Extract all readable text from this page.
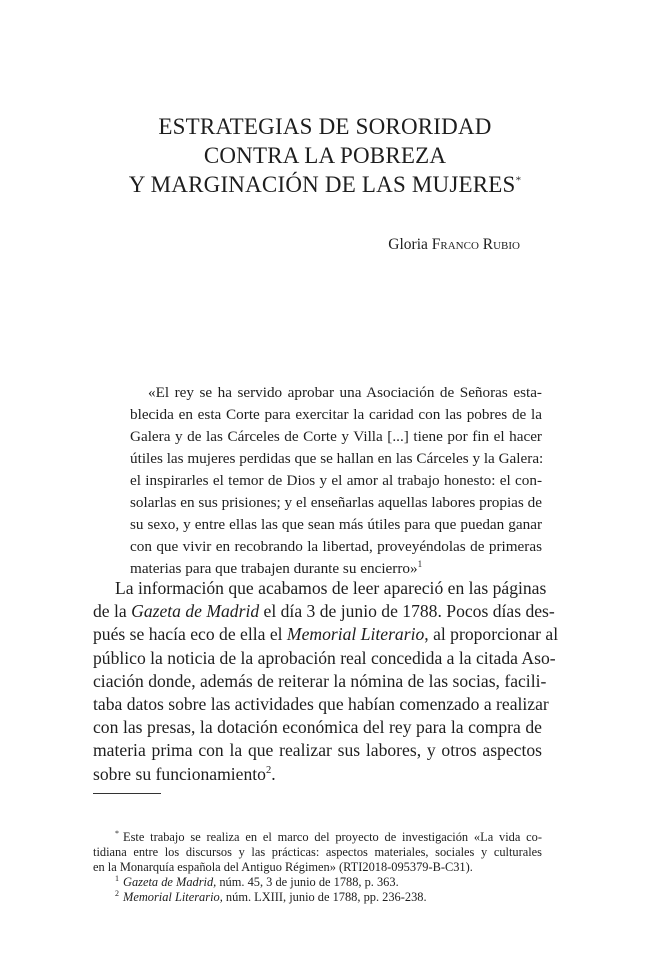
ESTRATEGIAS DE SORORIDAD
CONTRA LA POBREZA
Y MARGINACIÓN DE LAS MUJERES*
Gloria Franco Rubio
«El rey se ha servido aprobar una Asociación de Señoras esta-
blecida en esta Corte para exercitar la caridad con las pobres de la
Galera y de las Cárceles de Corte y Villa [...] tiene por fin el hacer
útiles las mujeres perdidas que se hallan en las Cárceles y la Galera:
el inspirarles el temor de Dios y el amor al trabajo honesto: el con-
solarlas en sus prisiones; y el enseñarlas aquellas labores propias de
su sexo, y entre ellas las que sean más útiles para que puedan ganar
con que vivir en recobrando la libertad, proveyéndolas de primeras
materias para que trabajen durante su encierro»$^1$
La información que acabamos de leer apareció en las páginas
de la Gazeta de Madrid el día 3 de junio de 1788. Pocos días des-
pués se hacía eco de ella el Memorial Literario, al proporcionar al
público la noticia de la aprobación real concedida a la citada Aso-
ciación donde, además de reiterar la nómina de las socias, facili-
taba datos sobre las actividades que habían comenzado a realizar
con las presas, la dotación económica del rey para la compra de
materia prima con la que realizar sus labores, y otros aspectos
sobre su funcionamiento$^2$.
* Este trabajo se realiza en el marco del proyecto de investigación «La vida co-
tidiana entre los discursos y las prácticas: aspectos materiales, sociales y culturales
en la Monarquía española del Antiguo Régimen» (RTI2018-095379-B-C31).
$^1$ Gazeta de Madrid, núm. 45, 3 de junio de 1788, p. 363.
$^2$ Memorial Literario, núm. LXIII, junio de 1788, pp. 236-238.
